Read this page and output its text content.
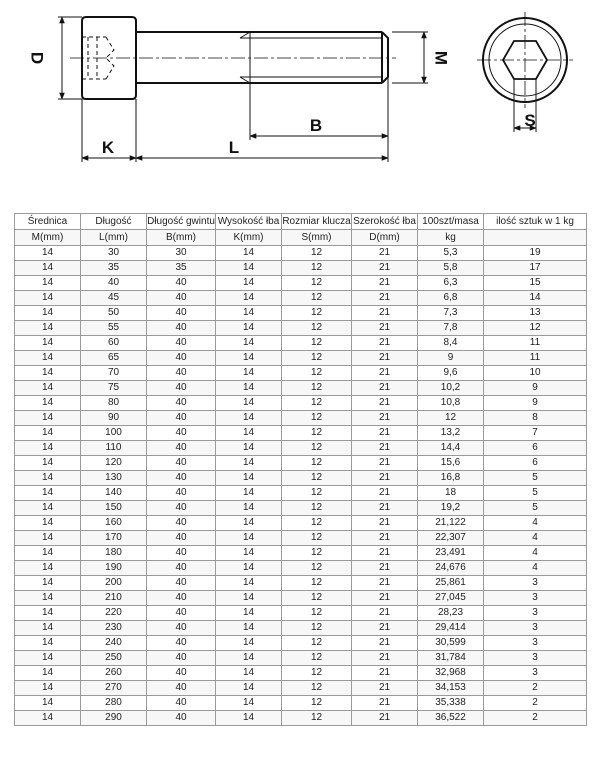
D	M
B
K	L
S
Średnica	Długość	Długość gwintu	Wysokość łba	Rozmiar klucza	Szerokość łba	100szt/masa	ilość sztuk w 1 kg
M(mm)	L(mm)	B(mm)	K(mm)	S(mm)	D(mm)	kg	
14	30	30	14	12	21	5,3	19
14	35	35	14	12	21	5,8	17
14	40	40	14	12	21	6,3	15
14	45	40	14	12	21	6,8	14
14	50	40	14	12	21	7,3	13
14	55	40	14	12	21	7,8	12
14	60	40	14	12	21	8,4	11
14	65	40	14	12	21	9	11
14	70	40	14	12	21	9,6	10
14	75	40	14	12	21	10,2	9
14	80	40	14	12	21	10,8	9
14	90	40	14	12	21	12	8
14	100	40	14	12	21	13,2	7
14	110	40	14	12	21	14,4	6
14	120	40	14	12	21	15,6	6
14	130	40	14	12	21	16,8	5
14	140	40	14	12	21	18	5
14	150	40	14	12	21	19,2	5
14	160	40	14	12	21	21,122	4
14	170	40	14	12	21	22,307	4
14	180	40	14	12	21	23,491	4
14	190	40	14	12	21	24,676	4
14	200	40	14	12	21	25,861	3
14	210	40	14	12	21	27,045	3
14	220	40	14	12	21	28,23	3
14	230	40	14	12	21	29,414	3
14	240	40	14	12	21	30,599	3
14	250	40	14	12	21	31,784	3
14	260	40	14	12	21	32,968	3
14	270	40	14	12	21	34,153	2
14	280	40	14	12	21	35,338	2
14	290	40	14	12	21	36,522	2
